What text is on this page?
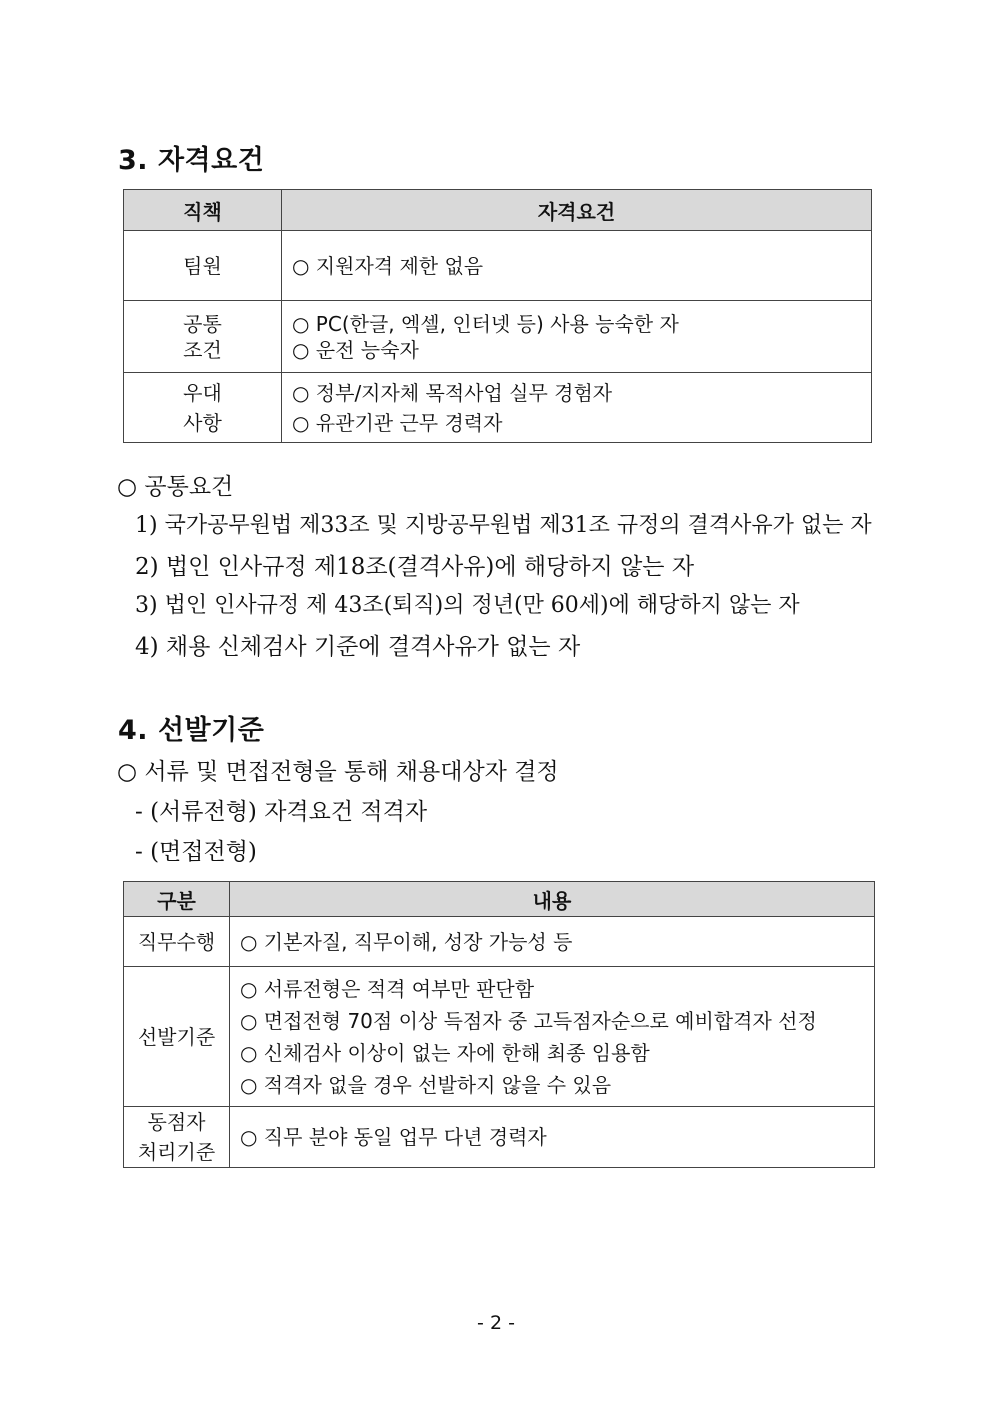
3. 자격요건
직책	자격요건

팀원	○ 지원자격 제한 없음

공통
조건	○ PC(한글, 엑셀, 인터넷 등) 사용 능숙한 자
○ 운전 능숙자

우대
사항	○ 정부/지자체 목적사업 실무 경험자
○ 유관기관 근무 경력자
○ 공통요건
1) 국가공무원법 제33조 및 지방공무원법 제31조 규정의 결격사유가 없는 자
2) 법인 인사규정 제18조(결격사유)에 해당하지 않는 자
3) 법인 인사규정 제 43조(퇴직)의 정년(만 60세)에 해당하지 않는 자
4) 채용 신체검사 기준에 결격사유가 없는 자
4. 선발기준
○ 서류 및 면접전형을 통해 채용대상자 결정
- (서류전형) 자격요건 적격자
- (면접전형)
구분	내용

직무수행	○ 기본자질, 직무이해, 성장 가능성 등

선발기준	○ 서류전형은 적격 여부만 판단함
○ 면접전형 70점 이상 득점자 중 고득점자순으로 예비합격자 선정
○ 신체검사 이상이 없는 자에 한해 최종 임용함
○ 적격자 없을 경우 선발하지 않을 수 있음

동점자
처리기준	○ 직무 분야 동일 업무 다년 경력자
- 2 -
